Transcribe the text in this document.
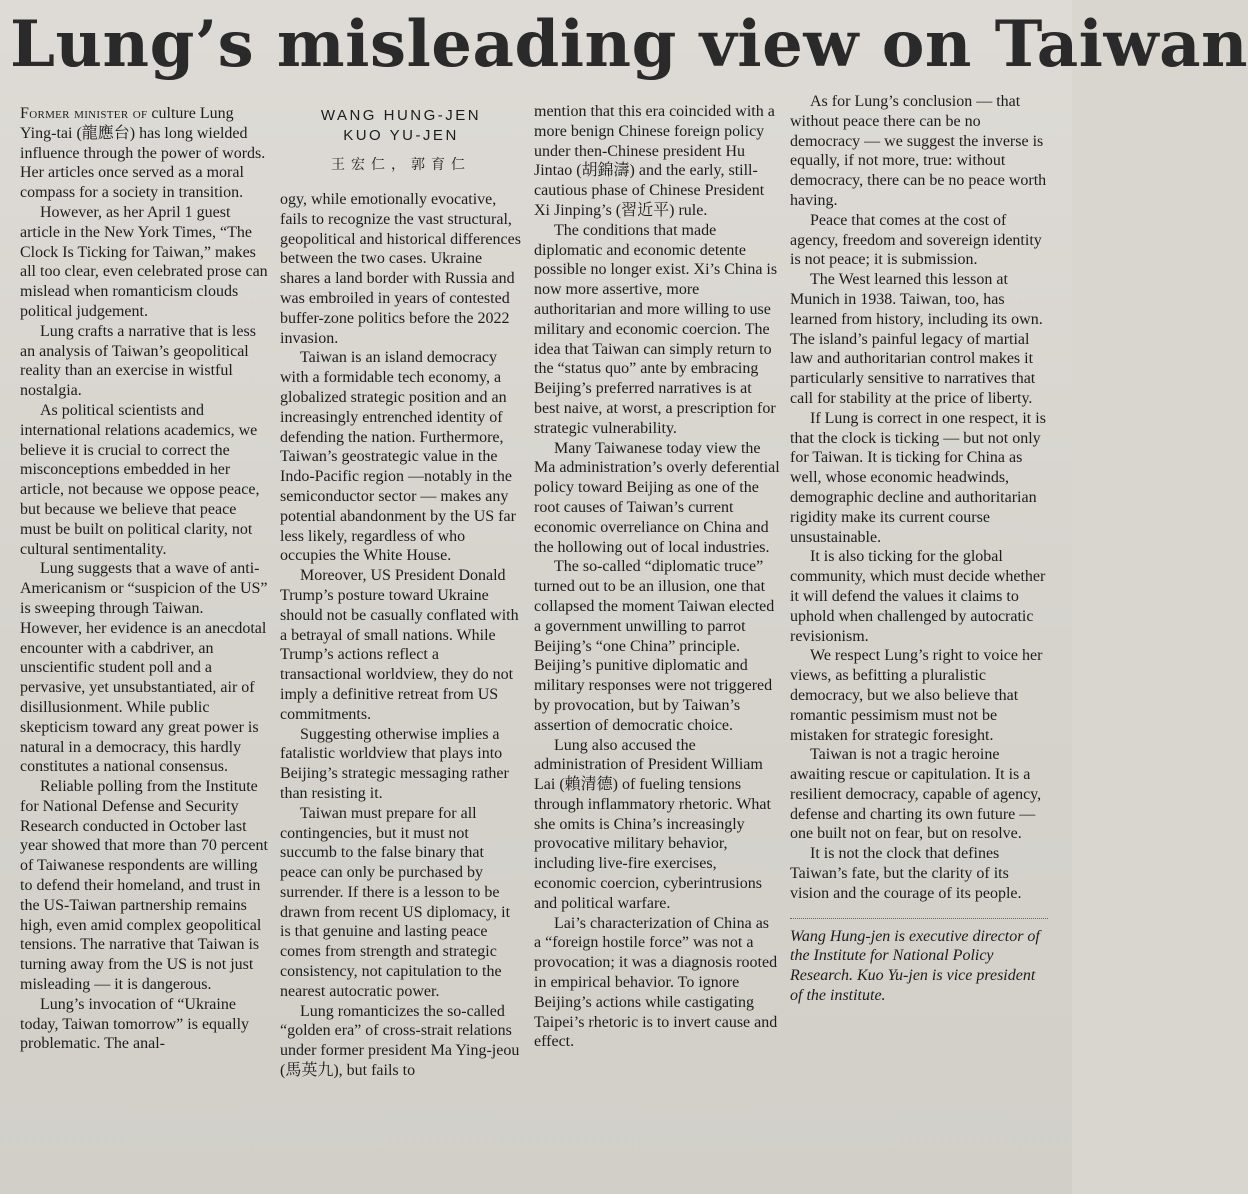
Lung’s misleading view on Taiwan

Former minister of culture Lung Ying-tai (龍應台) has long wielded influence through the power of words. Her articles once served as a moral compass for a society in transition.

However, as her April 1 guest article in the New York Times, “The Clock Is Ticking for Taiwan,” makes all too clear, even celebrated prose can mislead when romanticism clouds political judgement.

Lung crafts a narrative that is less an analysis of Taiwan’s geopolitical reality than an exercise in wistful nostalgia.

As political scientists and international relations academics, we believe it is crucial to correct the misconceptions embedded in her article, not because we oppose peace, but because we believe that peace must be built on political clarity, not cultural sentimentality.

Lung suggests that a wave of anti-Americanism or “suspicion of the US” is sweeping through Taiwan. However, her evidence is an anecdotal encounter with a cabdriver, an unscientific student poll and a pervasive, yet unsubstantiated, air of disillusionment. While public skepticism toward any great power is natural in a democracy, this hardly constitutes a national consensus.

Reliable polling from the Institute for National Defense and Security Research conducted in October last year showed that more than 70 percent of Taiwanese respondents are willing to defend their homeland, and trust in the US-Taiwan partnership remains high, even amid complex geopolitical tensions. The narrative that Taiwan is turning away from the US is not just misleading — it is dangerous.

Lung’s invocation of “Ukraine today, Taiwan tomorrow” is equally problematic. The anal-

WANG HUNG-JEN
KUO YU-JEN
王宏仁，郭育仁

ogy, while emotionally evocative, fails to recognize the vast structural, geopolitical and historical differences between the two cases. Ukraine shares a land border with Russia and was embroiled in years of contested buffer-zone politics before the 2022 invasion.

Taiwan is an island democracy with a formidable tech economy, a globalized strategic position and an increasingly entrenched identity of defending the nation. Furthermore, Taiwan’s geostrategic value in the Indo-Pacific region —notably in the semiconductor sector — makes any potential abandonment by the US far less likely, regardless of who occupies the White House.

Moreover, US President Donald Trump’s posture toward Ukraine should not be casually conflated with a betrayal of small nations. While Trump’s actions reflect a transactional worldview, they do not imply a definitive retreat from US commitments.

Suggesting otherwise implies a fatalistic worldview that plays into Beijing’s strategic messaging rather than resisting it.

Taiwan must prepare for all contingencies, but it must not succumb to the false binary that peace can only be purchased by surrender. If there is a lesson to be drawn from recent US diplomacy, it is that genuine and lasting peace comes from strength and strategic consistency, not capitulation to the nearest autocratic power.

Lung romanticizes the so-called “golden era” of cross-strait relations under former president Ma Ying-jeou (馬英九), but fails to

mention that this era coincided with a more benign Chinese foreign policy under then-Chinese president Hu Jintao (胡錦濤) and the early, still-cautious phase of Chinese President Xi Jinping’s (習近平) rule.

The conditions that made diplomatic and economic detente possible no longer exist. Xi’s China is now more assertive, more authoritarian and more willing to use military and economic coercion. The idea that Taiwan can simply return to the “status quo” ante by embracing Beijing’s preferred narratives is at best naive, at worst, a prescription for strategic vulnerability.

Many Taiwanese today view the Ma administration’s overly deferential policy toward Beijing as one of the root causes of Taiwan’s current economic overreliance on China and the hollowing out of local industries.

The so-called “diplomatic truce” turned out to be an illusion, one that collapsed the moment Taiwan elected a government unwilling to parrot Beijing’s “one China” principle. Beijing’s punitive diplomatic and military responses were not triggered by provocation, but by Taiwan’s assertion of democratic choice.

Lung also accused the administration of President William Lai (賴清德) of fueling tensions through inflammatory rhetoric. What she omits is China’s increasingly provocative military behavior, including live-fire exercises, economic coercion, cyberintrusions and political warfare.

Lai’s characterization of China as a “foreign hostile force” was not a provocation; it was a diagnosis rooted in empirical behavior. To ignore Beijing’s actions while castigating Taipei’s rhetoric is to invert cause and effect.

As for Lung’s conclusion — that without peace there can be no democracy — we suggest the inverse is equally, if not more, true: without democracy, there can be no peace worth having.

Peace that comes at the cost of agency, freedom and sovereign identity is not peace; it is submission.

The West learned this lesson at Munich in 1938. Taiwan, too, has learned from history, including its own. The island’s painful legacy of martial law and authoritarian control makes it particularly sensitive to narratives that call for stability at the price of liberty.

If Lung is correct in one respect, it is that the clock is ticking — but not only for Taiwan. It is ticking for China as well, whose economic headwinds, demographic decline and authoritarian rigidity make its current course unsustainable.

It is also ticking for the global community, which must decide whether it will defend the values it claims to uphold when challenged by autocratic revisionism.

We respect Lung’s right to voice her views, as befitting a pluralistic democracy, but we also believe that romantic pessimism must not be mistaken for strategic foresight.

Taiwan is not a tragic heroine awaiting rescue or capitulation. It is a resilient democracy, capable of agency, defense and charting its own future — one built not on fear, but on resolve.

It is not the clock that defines Taiwan’s fate, but the clarity of its vision and the courage of its people.

Wang Hung-jen is executive director of the Institute for National Policy Research. Kuo Yu-jen is vice president of the institute.
